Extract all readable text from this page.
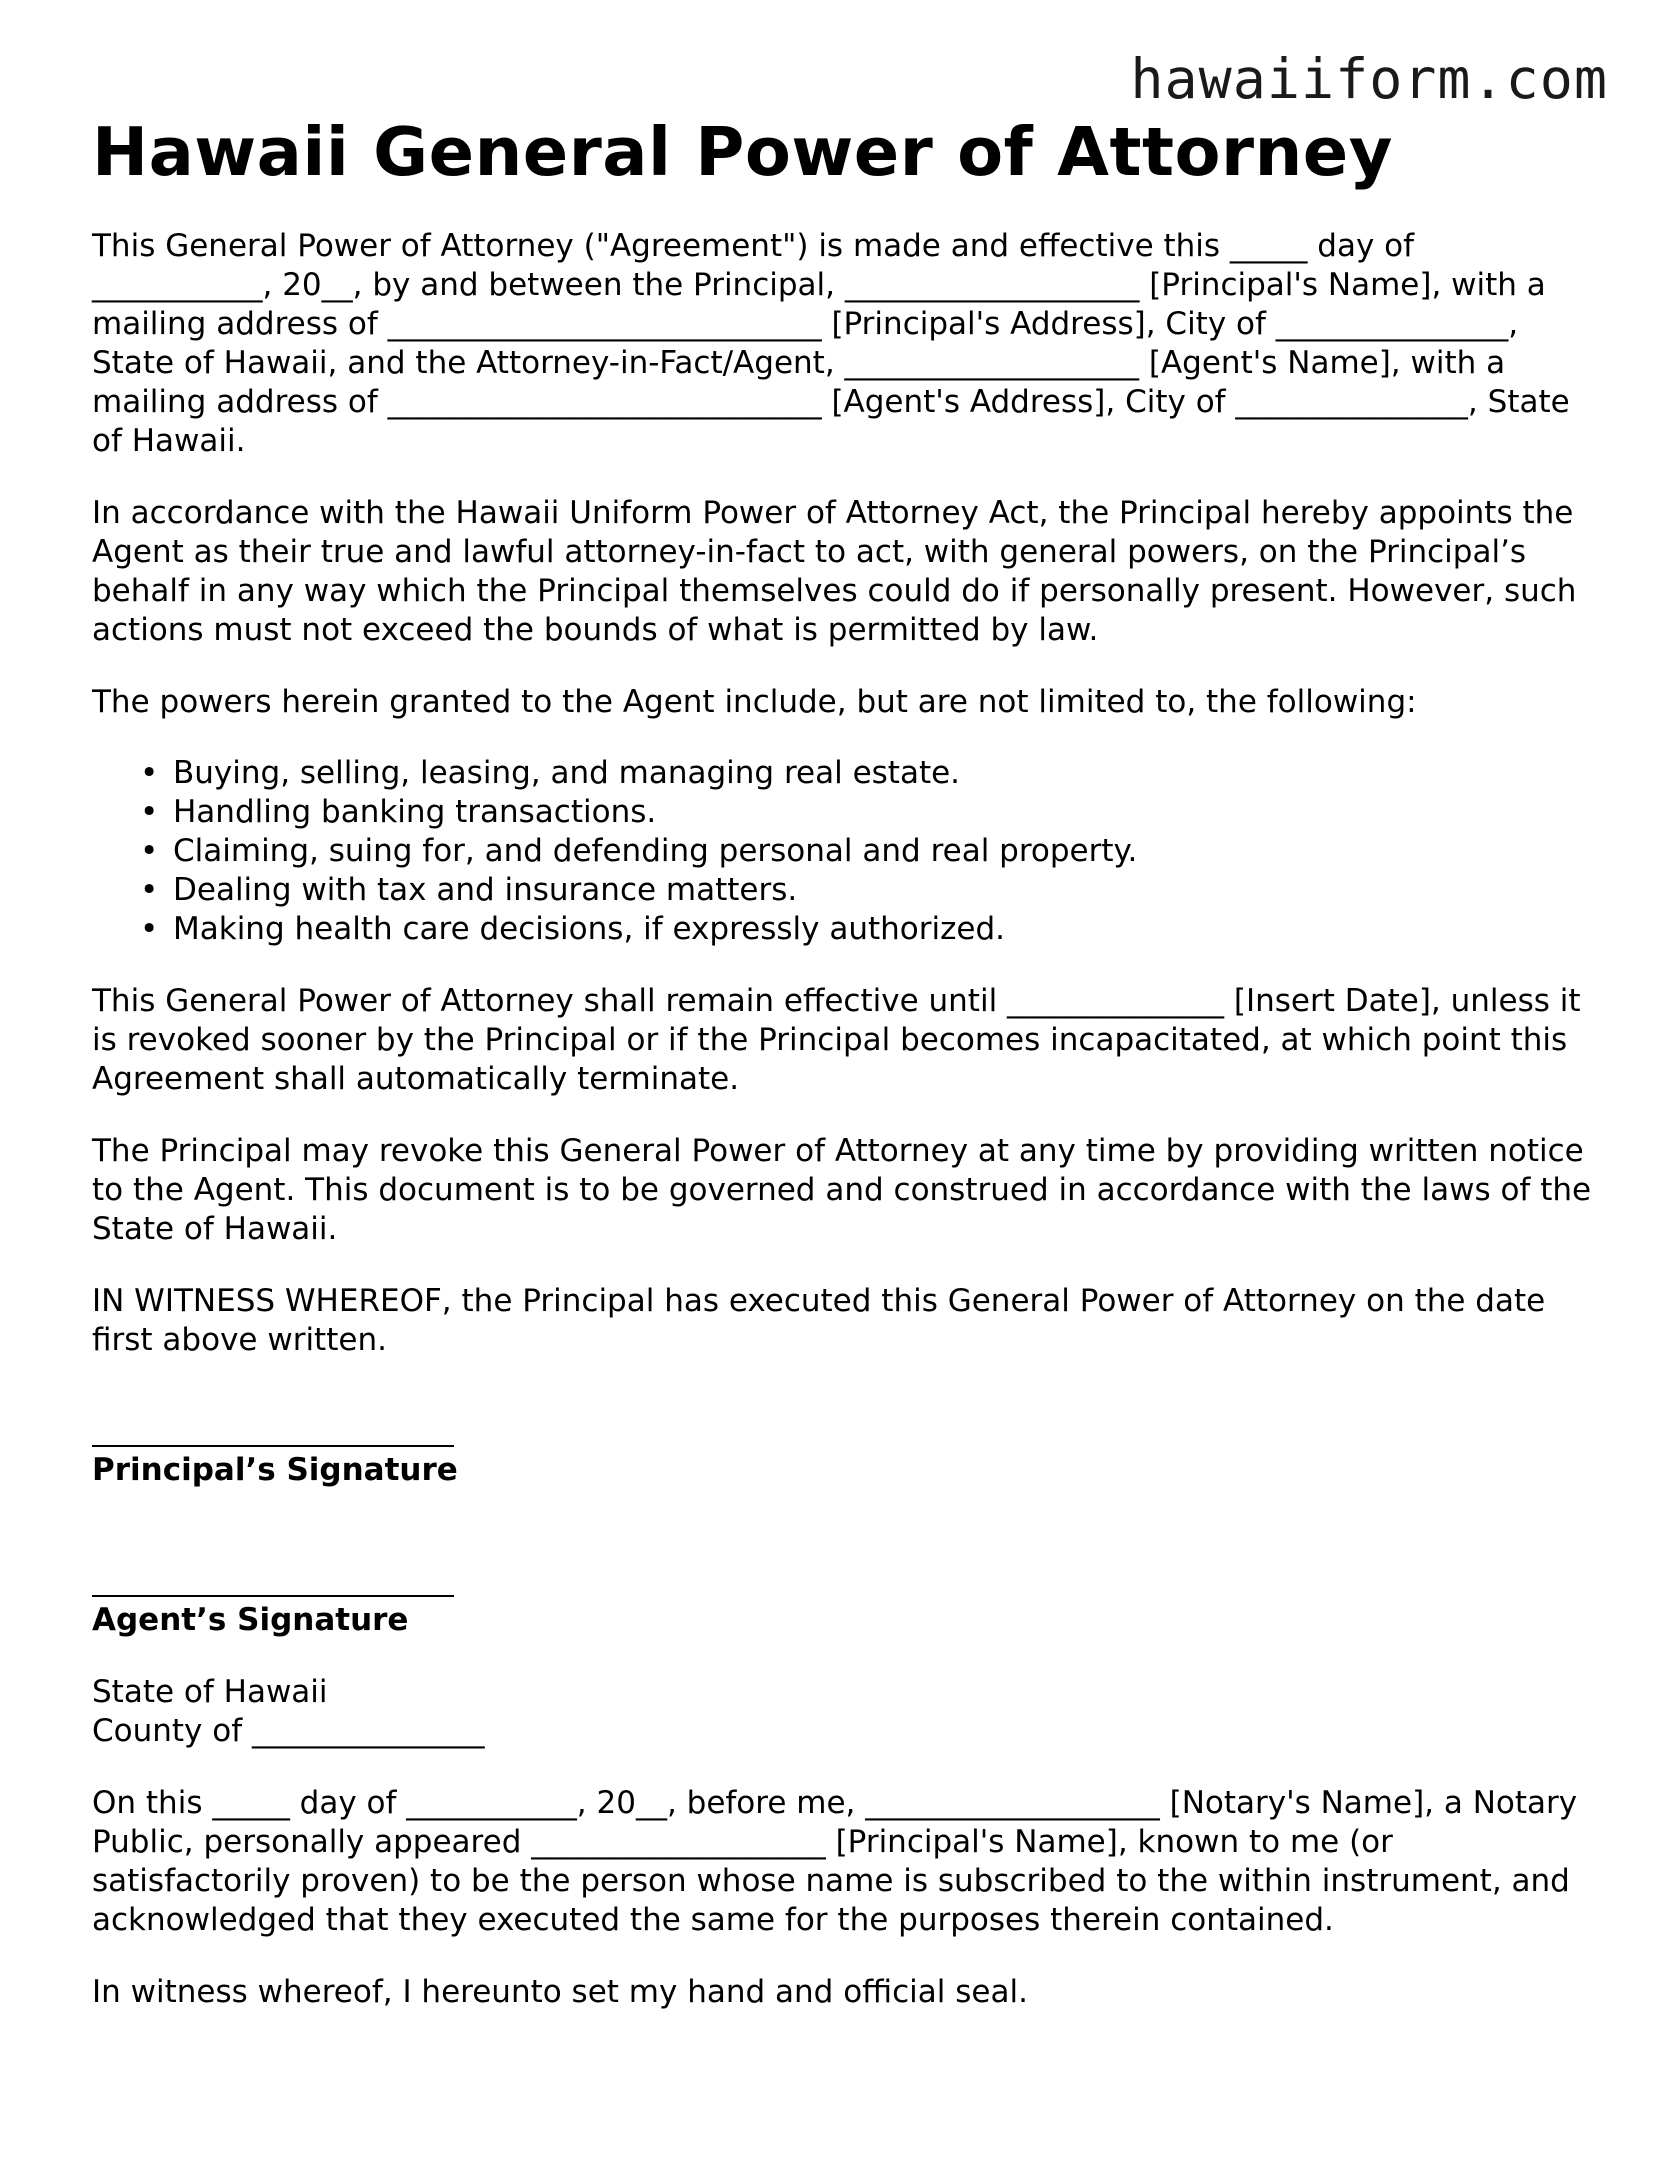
hawaiiform.com
Hawaii General Power of Attorney

This General Power of Attorney ("Agreement") is made and effective this _____ day of ___________, 20__, by and between the Principal, ___________________ [Principal's Name], with a mailing address of ____________________________ [Principal's Address], City of _______________, State of Hawaii, and the Attorney-in-Fact/Agent, ___________________ [Agent's Name], with a mailing address of ____________________________ [Agent's Address], City of _______________, State of Hawaii.

In accordance with the Hawaii Uniform Power of Attorney Act, the Principal hereby appoints the Agent as their true and lawful attorney-in-fact to act, with general powers, on the Principal’s behalf in any way which the Principal themselves could do if personally present. However, such actions must not exceed the bounds of what is permitted by law.

The powers herein granted to the Agent include, but are not limited to, the following:

• Buying, selling, leasing, and managing real estate.
• Handling banking transactions.
• Claiming, suing for, and defending personal and real property.
• Dealing with tax and insurance matters.
• Making health care decisions, if expressly authorized.

This General Power of Attorney shall remain effective until ______________ [Insert Date], unless it is revoked sooner by the Principal or if the Principal becomes incapacitated, at which point this Agreement shall automatically terminate.

The Principal may revoke this General Power of Attorney at any time by providing written notice to the Agent. This document is to be governed and construed in accordance with the laws of the State of Hawaii.

IN WITNESS WHEREOF, the Principal has executed this General Power of Attorney on the date first above written.

Principal’s Signature

Agent’s Signature

State of Hawaii

County of _______________

On this _____ day of ___________, 20__, before me, ___________________ [Notary's Name], a Notary Public, personally appeared ___________________ [Principal's Name], known to me (or satisfactorily proven) to be the person whose name is subscribed to the within instrument, and acknowledged that they executed the same for the purposes therein contained.

In witness whereof, I hereunto set my hand and official seal.
